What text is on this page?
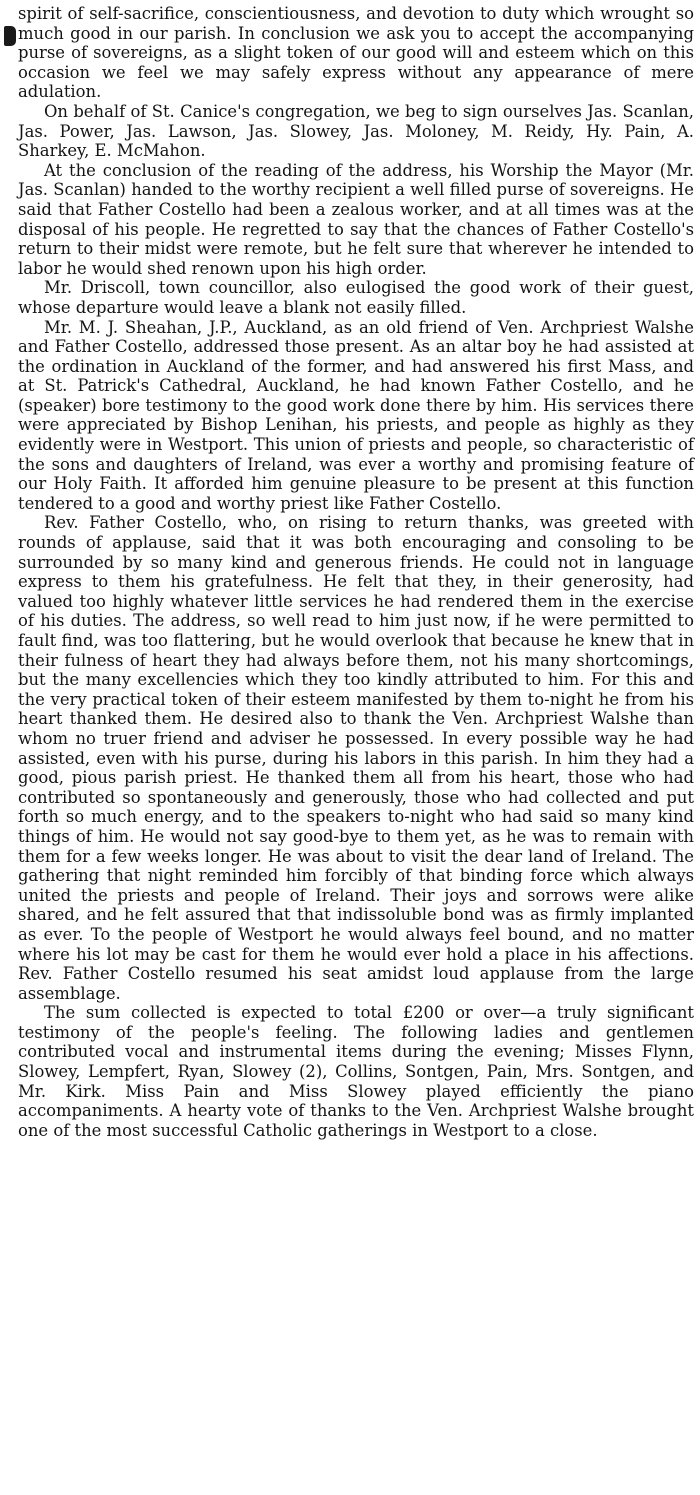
spirit of self-sacrifice, conscientiousness, and devotion to duty which wrought so much good in our parish. In conclusion we ask you to accept the accompanying purse of sovereigns, as a slight token of our good will and esteem which on this occasion we feel we may safely express without any appearance of mere adulation.

On behalf of St. Canice's congregation, we beg to sign ourselves Jas. Scanlan, Jas. Power, Jas. Lawson, Jas. Slowey, Jas. Moloney, M. Reidy, Hy. Pain, A. Sharkey, E. McMahon.

At the conclusion of the reading of the address, his Worship the Mayor (Mr. Jas. Scanlan) handed to the worthy recipient a well filled purse of sovereigns. He said that Father Costello had been a zealous worker, and at all times was at the disposal of his people. He regretted to say that the chances of Father Costello's return to their midst were remote, but he felt sure that wherever he intended to labor he would shed renown upon his high order.

Mr. Driscoll, town councillor, also eulogised the good work of their guest, whose departure would leave a blank not easily filled.

Mr. M. J. Sheahan, J.P., Auckland, as an old friend of Ven. Archpriest Walshe and Father Costello, addressed those present. As an altar boy he had assisted at the ordination in Auckland of the former, and had answered his first Mass, and at St. Patrick's Cathedral, Auckland, he had known Father Costello, and he (speaker) bore testimony to the good work done there by him. His services there were appreciated by Bishop Lenihan, his priests, and people as highly as they evidently were in Westport. This union of priests and people, so characteristic of the sons and daughters of Ireland, was ever a worthy and promising feature of our Holy Faith. It afforded him genuine pleasure to be present at this function tendered to a good and worthy priest like Father Costello.

Rev. Father Costello, who, on rising to return thanks, was greeted with rounds of applause, said that it was both encouraging and consoling to be surrounded by so many kind and generous friends. He could not in language express to them his gratefulness. He felt that they, in their generosity, had valued too highly whatever little services he had rendered them in the exercise of his duties. The address, so well read to him just now, if he were permitted to fault find, was too flattering, but he would overlook that because he knew that in their fulness of heart they had always before them, not his many shortcomings, but the many excellencies which they too kindly attributed to him. For this and the very practical token of their esteem manifested by them to-night he from his heart thanked them. He desired also to thank the Ven. Archpriest Walshe than whom no truer friend and adviser he possessed. In every possible way he had assisted, even with his purse, during his labors in this parish. In him they had a good, pious parish priest. He thanked them all from his heart, those who had contributed so spontaneously and generously, those who had collected and put forth so much energy, and to the speakers to-night who had said so many kind things of him. He would not say good-bye to them yet, as he was to remain with them for a few weeks longer. He was about to visit the dear land of Ireland. The gathering that night reminded him forcibly of that binding force which always united the priests and people of Ireland. Their joys and sorrows were alike shared, and he felt assured that that indissoluble bond was as firmly implanted as ever. To the people of Westport he would always feel bound, and no matter where his lot may be cast for them he would ever hold a place in his affections. Rev. Father Costello resumed his seat amidst loud applause from the large assemblage.

The sum collected is expected to total £200 or over—a truly significant testimony of the people's feeling. The following ladies and gentlemen contributed vocal and instrumental items during the evening; Misses Flynn, Slowey, Lempfert, Ryan, Slowey (2), Collins, Sontgen, Pain, Mrs. Sontgen, and Mr. Kirk. Miss Pain and Miss Slowey played efficiently the piano accompaniments. A hearty vote of thanks to the Ven. Archpriest Walshe brought one of the most successful Catholic gatherings in Westport to a close.
